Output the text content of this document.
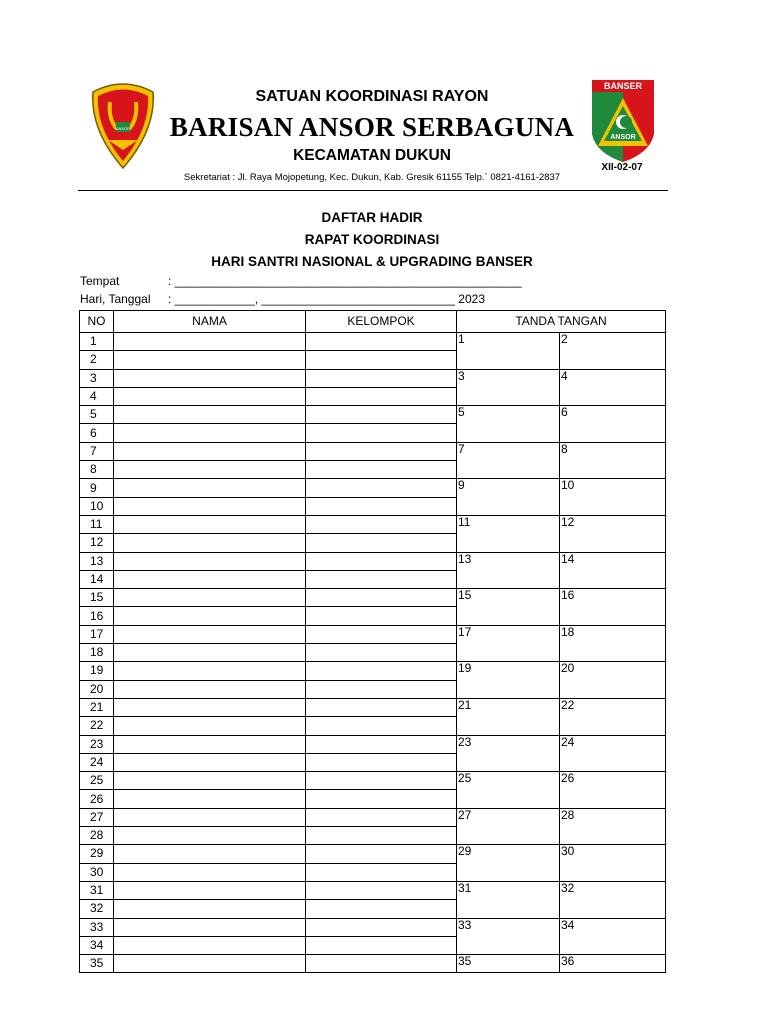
ANSOR
BANSER
ANSOR
XII-02-07
SATUAN KOORDINASI RAYON
BARISAN ANSOR SERBAGUNA
KECAMATAN DUKUN
Sekretariat : Jl. Raya Mojopetung, Kec. Dukun, Kab. Gresik 61155 Telp.` 0821-4161-2837
DAFTAR HADIR
RAPAT KOORDINASI
HARI SANTRI NASIONAL & UPGRADING BANSER
Tempat	: ____________________________________________________
Hari, Tanggal : ____________, _____________________________ 2023
NO	NAMA	KELOMPOK	TANDA TANGAN	
1			1	2
2				
3			3	4
4				
5			5	6
6				
7			7	8
8				
9			9	10
10				
11			11	12
12				
13			13	14
14				
15			15	16
16				
17			17	18
18				
19			19	20
20				
21			21	22
22				
23			23	24
24				
25			25	26
26				
27			27	28
28				
29			29	30
30				
31			31	32
32				
33			33	34
34				
35			35	36
